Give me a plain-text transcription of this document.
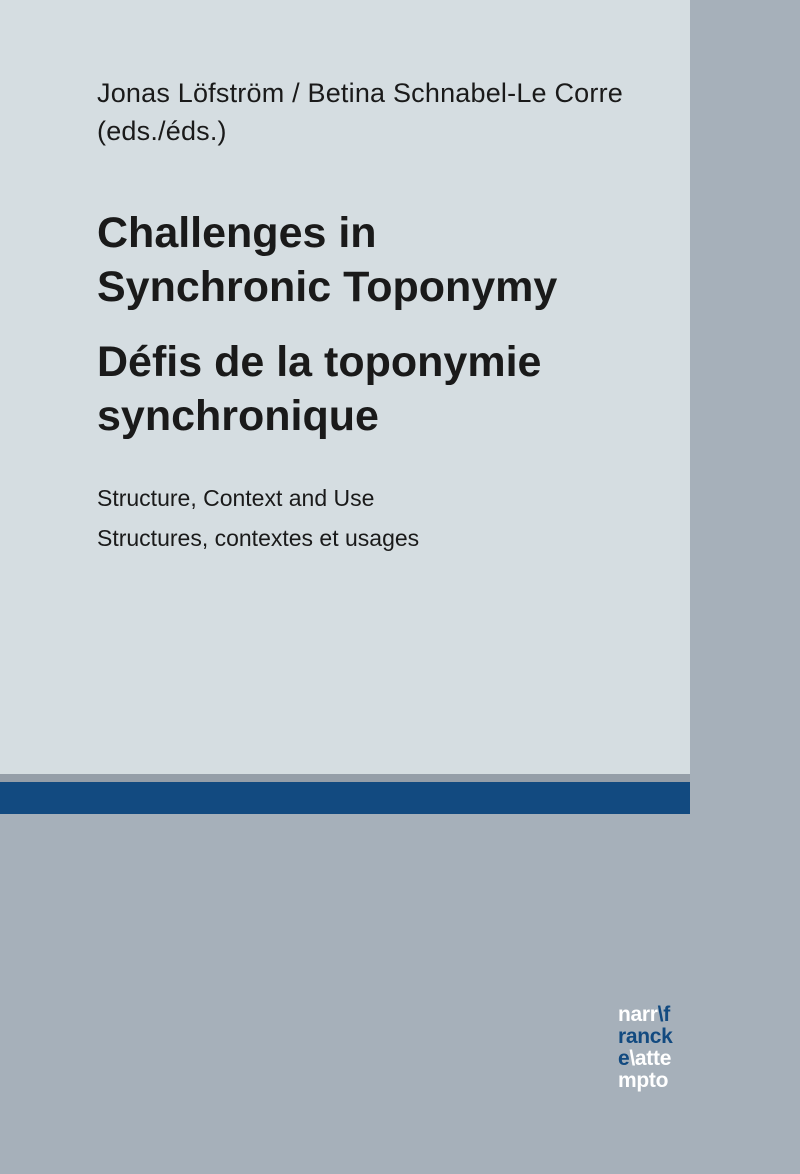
Jonas Löfström / Betina Schnabel-Le Corre
(eds./éds.)
Challenges in
Synchronic Toponymy
Défis de la toponymie
synchronique
Structure, Context and Use
Structures, contextes et usages
narr\f
ranck
e\atte
mpto
